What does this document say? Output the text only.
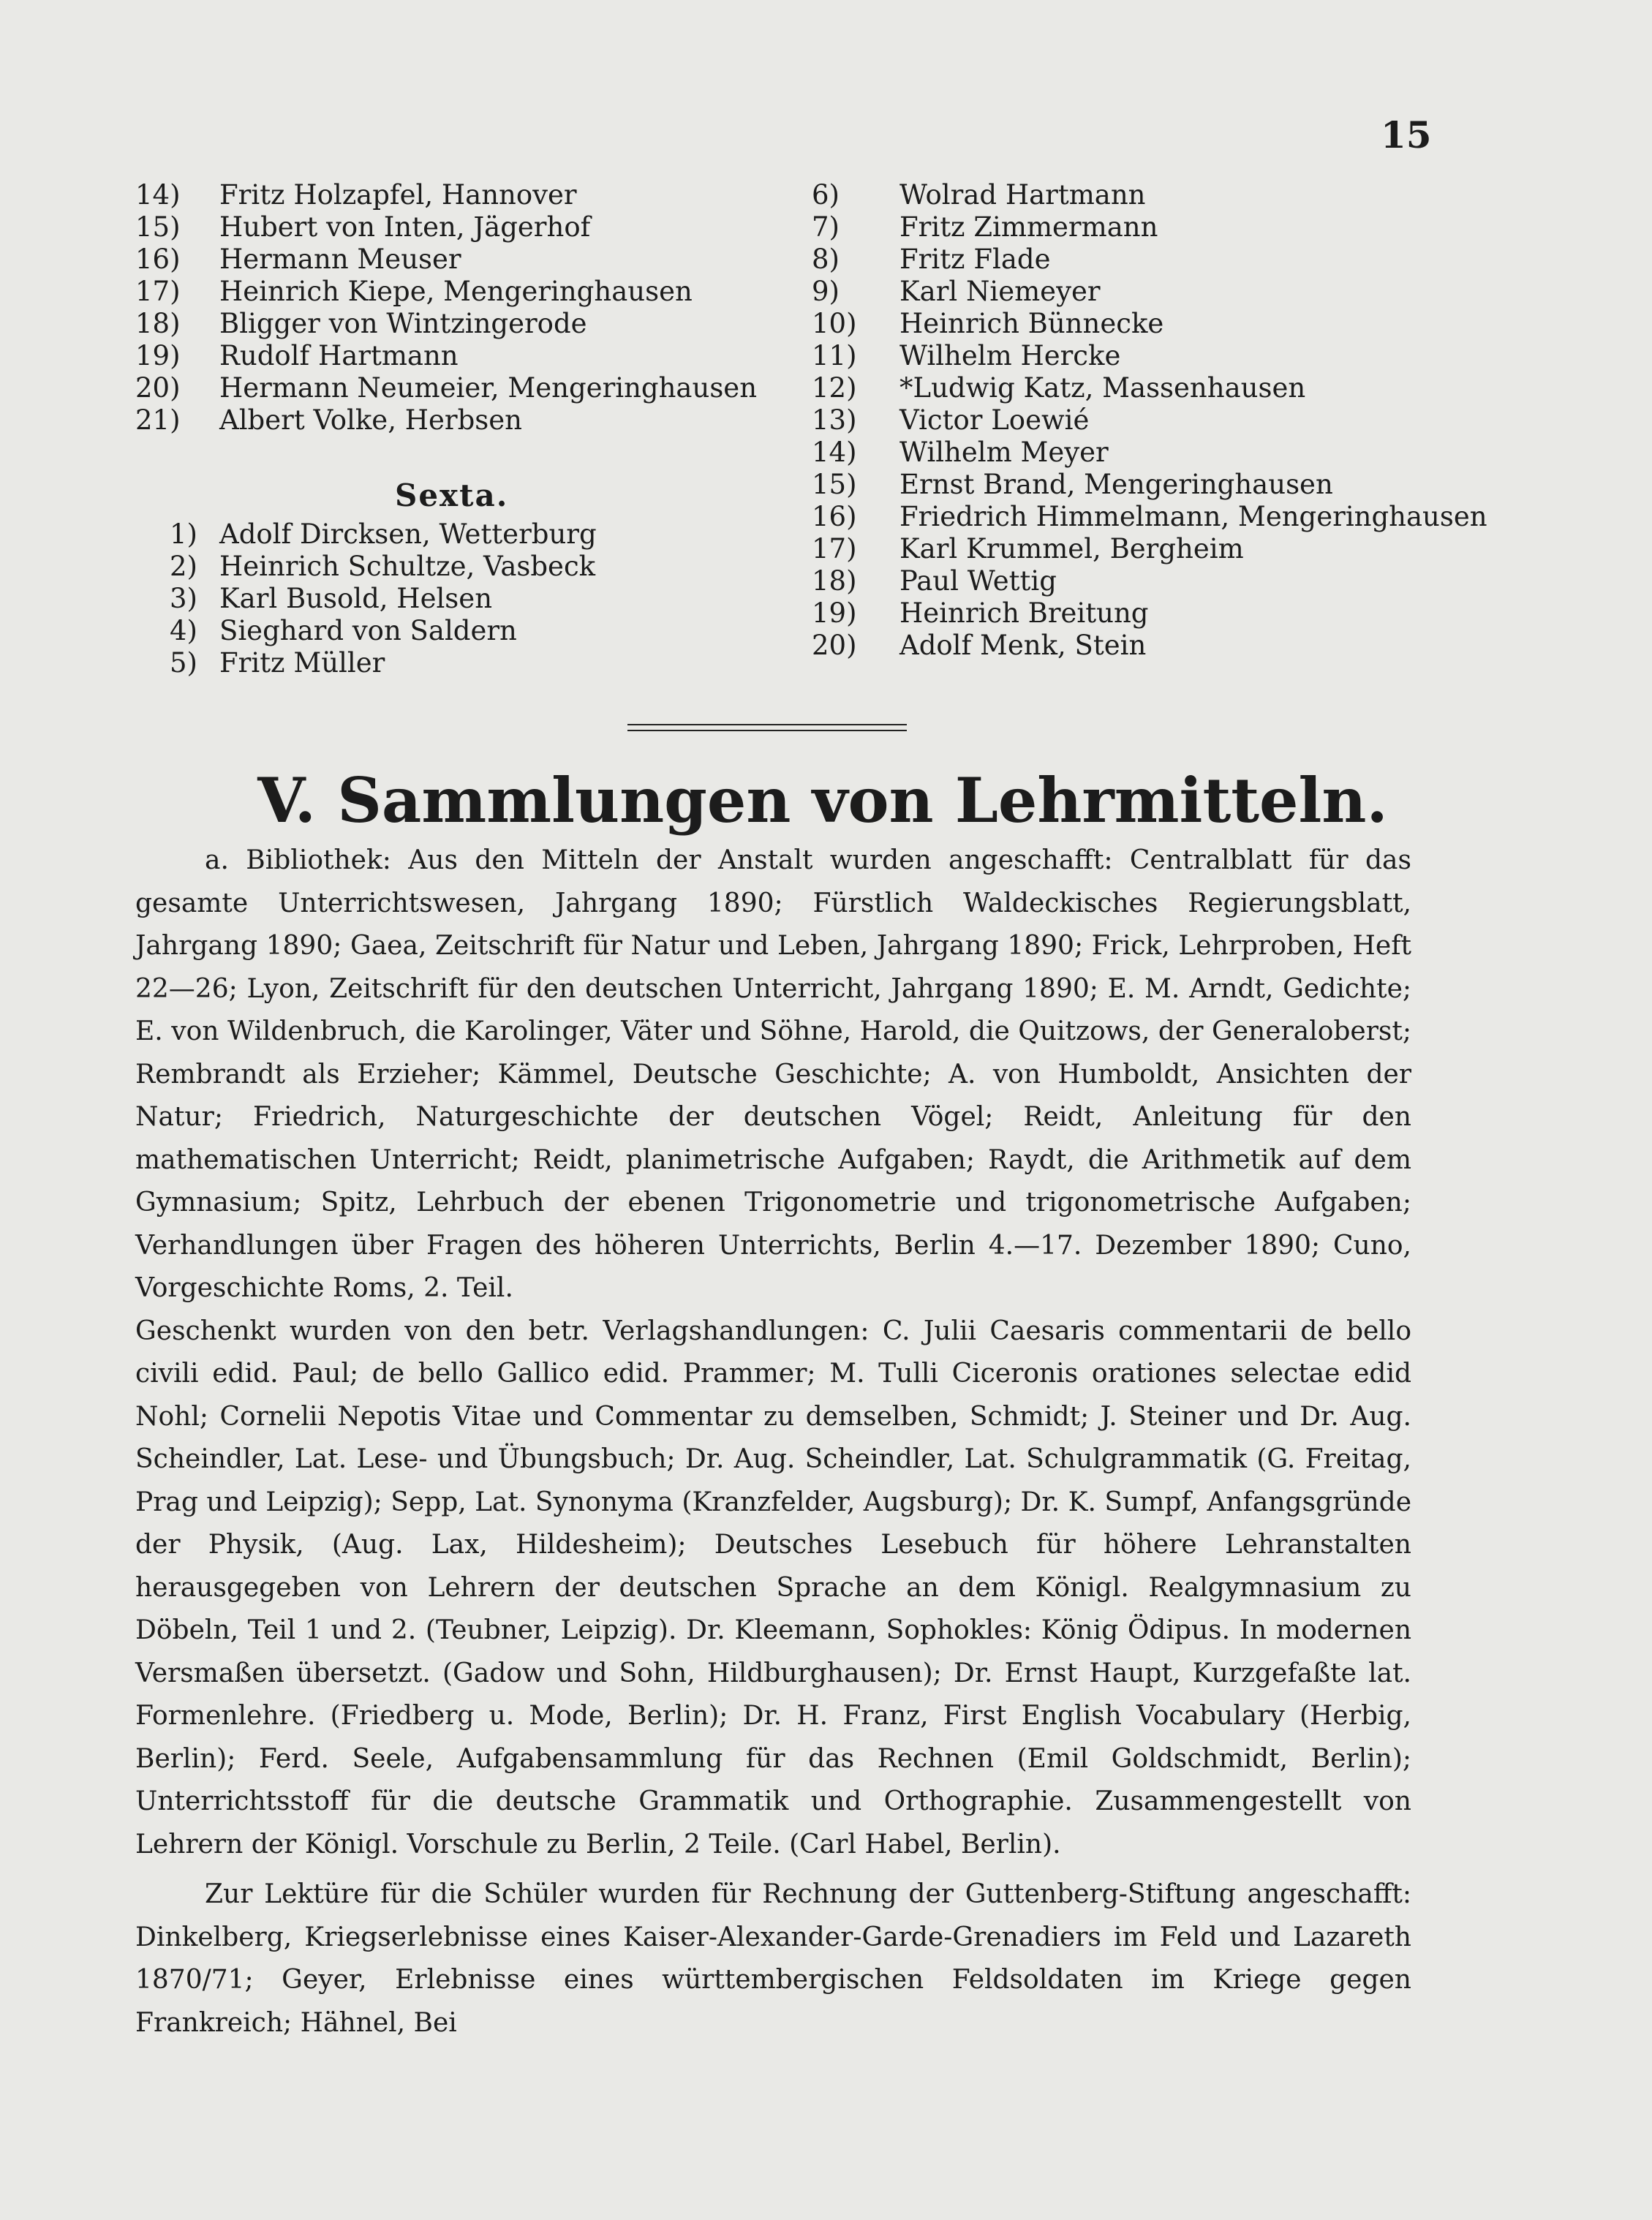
15
14) Fritz Holzapfel, Hannover
15) Hubert von Inten, Jägerhof
16) Hermann Meuser
17) Heinrich Kiepe, Mengeringhausen
18) Bligger von Wintzingerode
19) Rudolf Hartmann
20) Hermann Neumeier, Mengeringhausen
21) Albert Volke, Herbsen
Sexta.
1) Adolf Dircksen, Wetterburg
2) Heinrich Schultze, Vasbeck
3) Karl Busold, Helsen
4) Sieghard von Saldern
5) Fritz Müller
6) Wolrad Hartmann
7) Fritz Zimmermann
8) Fritz Flade
9) Karl Niemeyer
10) Heinrich Bünnecke
11) Wilhelm Hercke
12) *Ludwig Katz, Massenhausen
13) Victor Loewié
14) Wilhelm Meyer
15) Ernst Brand, Mengeringhausen
16) Friedrich Himmelmann, Mengeringhausen
17) Karl Krummel, Bergheim
18) Paul Wettig
19) Heinrich Breitung
20) Adolf Menk, Stein
V. Sammlungen von Lehrmitteln.

a. Bibliothek: Aus den Mitteln der Anstalt wurden angeschafft: Centralblatt für das gesamte Unterrichtswesen, Jahrgang 1890; Fürstlich Waldeckisches Regierungsblatt, Jahrgang 1890; Gaea, Zeitschrift für Natur und Leben, Jahrgang 1890; Frick, Lehrproben, Heft 22—26; Lyon, Zeitschrift für den deutschen Unterricht, Jahrgang 1890; E. M. Arndt, Gedichte; E. von Wildenbruch, die Karolinger, Väter und Söhne, Harold, die Quitzows, der Generaloberst; Rembrandt als Erzieher; Kämmel, Deutsche Geschichte; A. von Humboldt, Ansichten der Natur; Friedrich, Naturgeschichte der deutschen Vögel; Reidt, Anleitung für den mathematischen Unterricht; Reidt, planimetrische Aufgaben; Raydt, die Arithmetik auf dem Gymnasium; Spitz, Lehrbuch der ebenen Trigonometrie und trigonometrische Aufgaben; Verhandlungen über Fragen des höheren Unterrichts, Berlin 4.—17. Dezember 1890; Cuno, Vorgeschichte Roms, 2. Teil.

Geschenkt wurden von den betr. Verlagshandlungen: C. Julii Caesaris commentarii de bello civili edid. Paul; de bello Gallico edid. Prammer; M. Tulli Ciceronis orationes selectae edid Nohl; Cornelii Nepotis Vitae und Commentar zu demselben, Schmidt; J. Steiner und Dr. Aug. Scheindler, Lat. Lese- und Übungsbuch; Dr. Aug. Scheindler, Lat. Schulgrammatik (G. Freitag, Prag und Leipzig); Sepp, Lat. Synonyma (Kranzfelder, Augsburg); Dr. K. Sumpf, Anfangsgründe der Physik, (Aug. Lax, Hildesheim); Deutsches Lesebuch für höhere Lehranstalten herausgegeben von Lehrern der deutschen Sprache an dem Königl. Realgymnasium zu Döbeln, Teil 1 und 2. (Teubner, Leipzig). Dr. Kleemann, Sophokles: König Ödipus. In modernen Versmaßen übersetzt. (Gadow und Sohn, Hildburghausen); Dr. Ernst Haupt, Kurzgefaßte lat. Formenlehre. (Friedberg u. Mode, Berlin); Dr. H. Franz, First English Vocabulary (Herbig, Berlin); Ferd. Seele, Aufgabensammlung für das Rechnen (Emil Goldschmidt, Berlin); Unterrichtsstoff für die deutsche Grammatik und Orthographie. Zusammengestellt von Lehrern der Königl. Vorschule zu Berlin, 2 Teile. (Carl Habel, Berlin).

Zur Lektüre für die Schüler wurden für Rechnung der Guttenberg-Stiftung angeschafft: Dinkelberg, Kriegserlebnisse eines Kaiser-Alexander-Garde-Grenadiers im Feld und Lazareth 1870/71; Geyer, Erlebnisse eines württembergischen Feldsoldaten im Kriege gegen Frankreich; Hähnel, Bei
